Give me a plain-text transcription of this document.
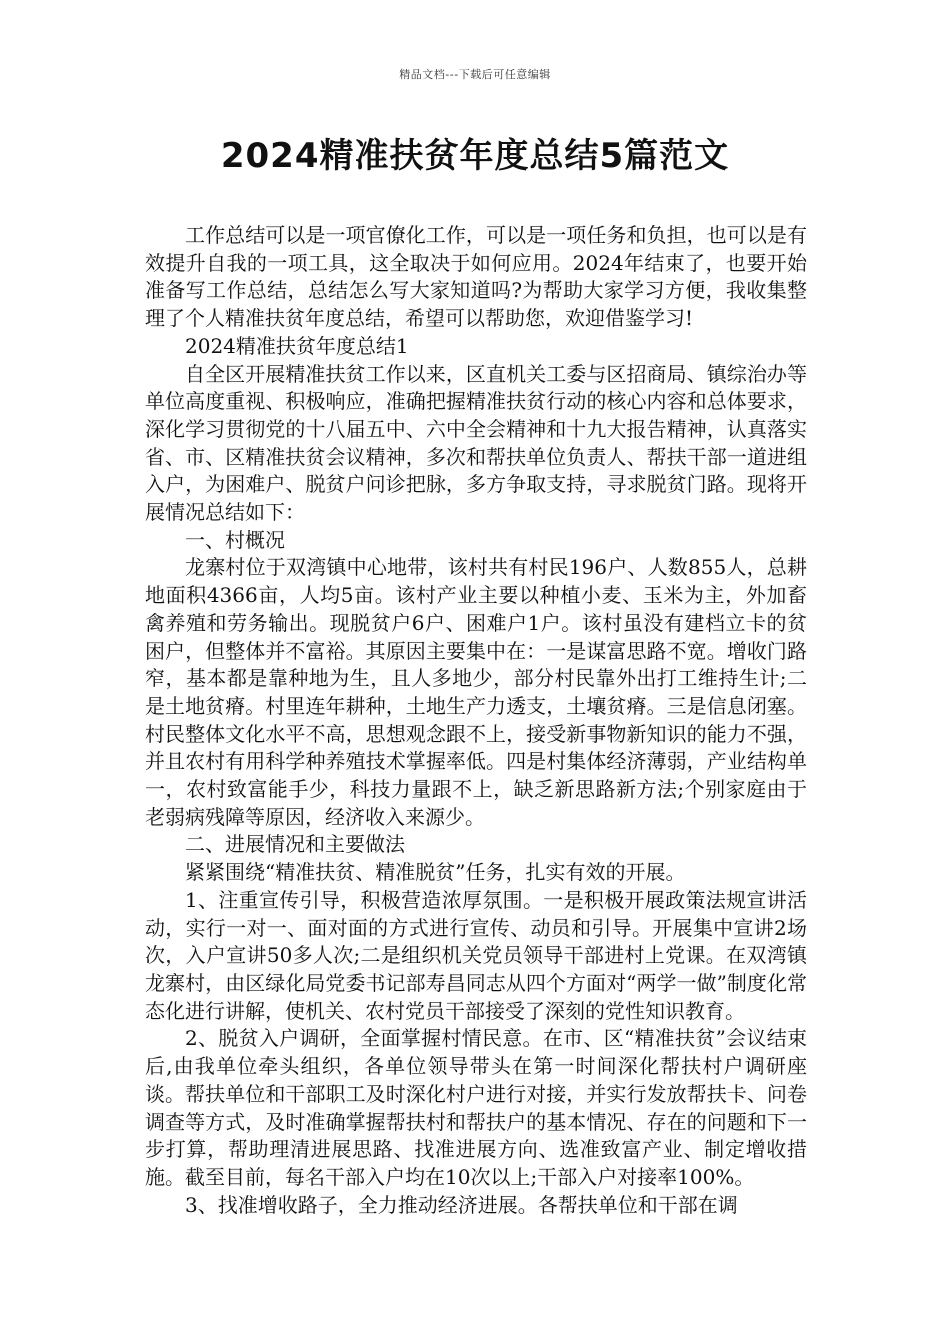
精品文档---下载后可任意编辑
2024精准扶贫年度总结5篇范文

工作总结可以是一项官僚化工作，可以是一项任务和负担，也可以是有效提升自我的一项工具，这全取决于如何应用。2024年结束了，也要开始准备写工作总结，总结怎么写大家知道吗?为帮助大家学习方便，我收集整理了个人精准扶贫年度总结，希望可以帮助您，欢迎借鉴学习!

2024精准扶贫年度总结1

自全区开展精准扶贫工作以来，区直机关工委与区招商局、镇综治办等单位高度重视、积极响应，准确把握精准扶贫行动的核心内容和总体要求，深化学习贯彻党的十八届五中、六中全会精神和十九大报告精神，认真落实省、市、区精准扶贫会议精神，多次和帮扶单位负责人、帮扶干部一道进组入户，为困难户、脱贫户问诊把脉，多方争取支持，寻求脱贫门路。现将开展情况总结如下：

一、村概况

龙寨村位于双湾镇中心地带，该村共有村民196户、人数855人，总耕地面积4366亩，人均5亩。该村产业主要以种植小麦、玉米为主，外加畜禽养殖和劳务输出。现脱贫户6户、困难户1户。该村虽没有建档立卡的贫困户，但整体并不富裕。其原因主要集中在：一是谋富思路不宽。增收门路窄，基本都是靠种地为生，且人多地少，部分村民靠外出打工维持生计;二是土地贫瘠。村里连年耕种，土地生产力透支，土壤贫瘠。三是信息闭塞。村民整体文化水平不高，思想观念跟不上，接受新事物新知识的能力不强，并且农村有用科学种养殖技术掌握率低。四是村集体经济薄弱，产业结构单一，农村致富能手少，科技力量跟不上，缺乏新思路新方法;个别家庭由于老弱病残障等原因，经济收入来源少。

二、进展情况和主要做法

紧紧围绕“精准扶贫、精准脱贫”任务，扎实有效的开展。

1、注重宣传引导，积极营造浓厚氛围。一是积极开展政策法规宣讲活动，实行一对一、面对面的方式进行宣传、动员和引导。开展集中宣讲2场次，入户宣讲50多人次;二是组织机关党员领导干部进村上党课。在双湾镇龙寨村，由区绿化局党委书记部寿昌同志从四个方面对“两学一做”制度化常态化进行讲解，使机关、农村党员干部接受了深刻的党性知识教育。

2、脱贫入户调研，全面掌握村情民意。在市、区“精准扶贫”会议结束后,由我单位牵头组织，各单位领导带头在第一时间深化帮扶村户调研座谈。帮扶单位和干部职工及时深化村户进行对接，并实行发放帮扶卡、问卷调查等方式，及时准确掌握帮扶村和帮扶户的基本情况、存在的问题和下一步打算，帮助理清进展思路、找准进展方向、选准致富产业、制定增收措施。截至目前，每名干部入户均在10次以上;干部入户对接率100%。

3、找准增收路子，全力推动经济进展。各帮扶单位和干部在调
